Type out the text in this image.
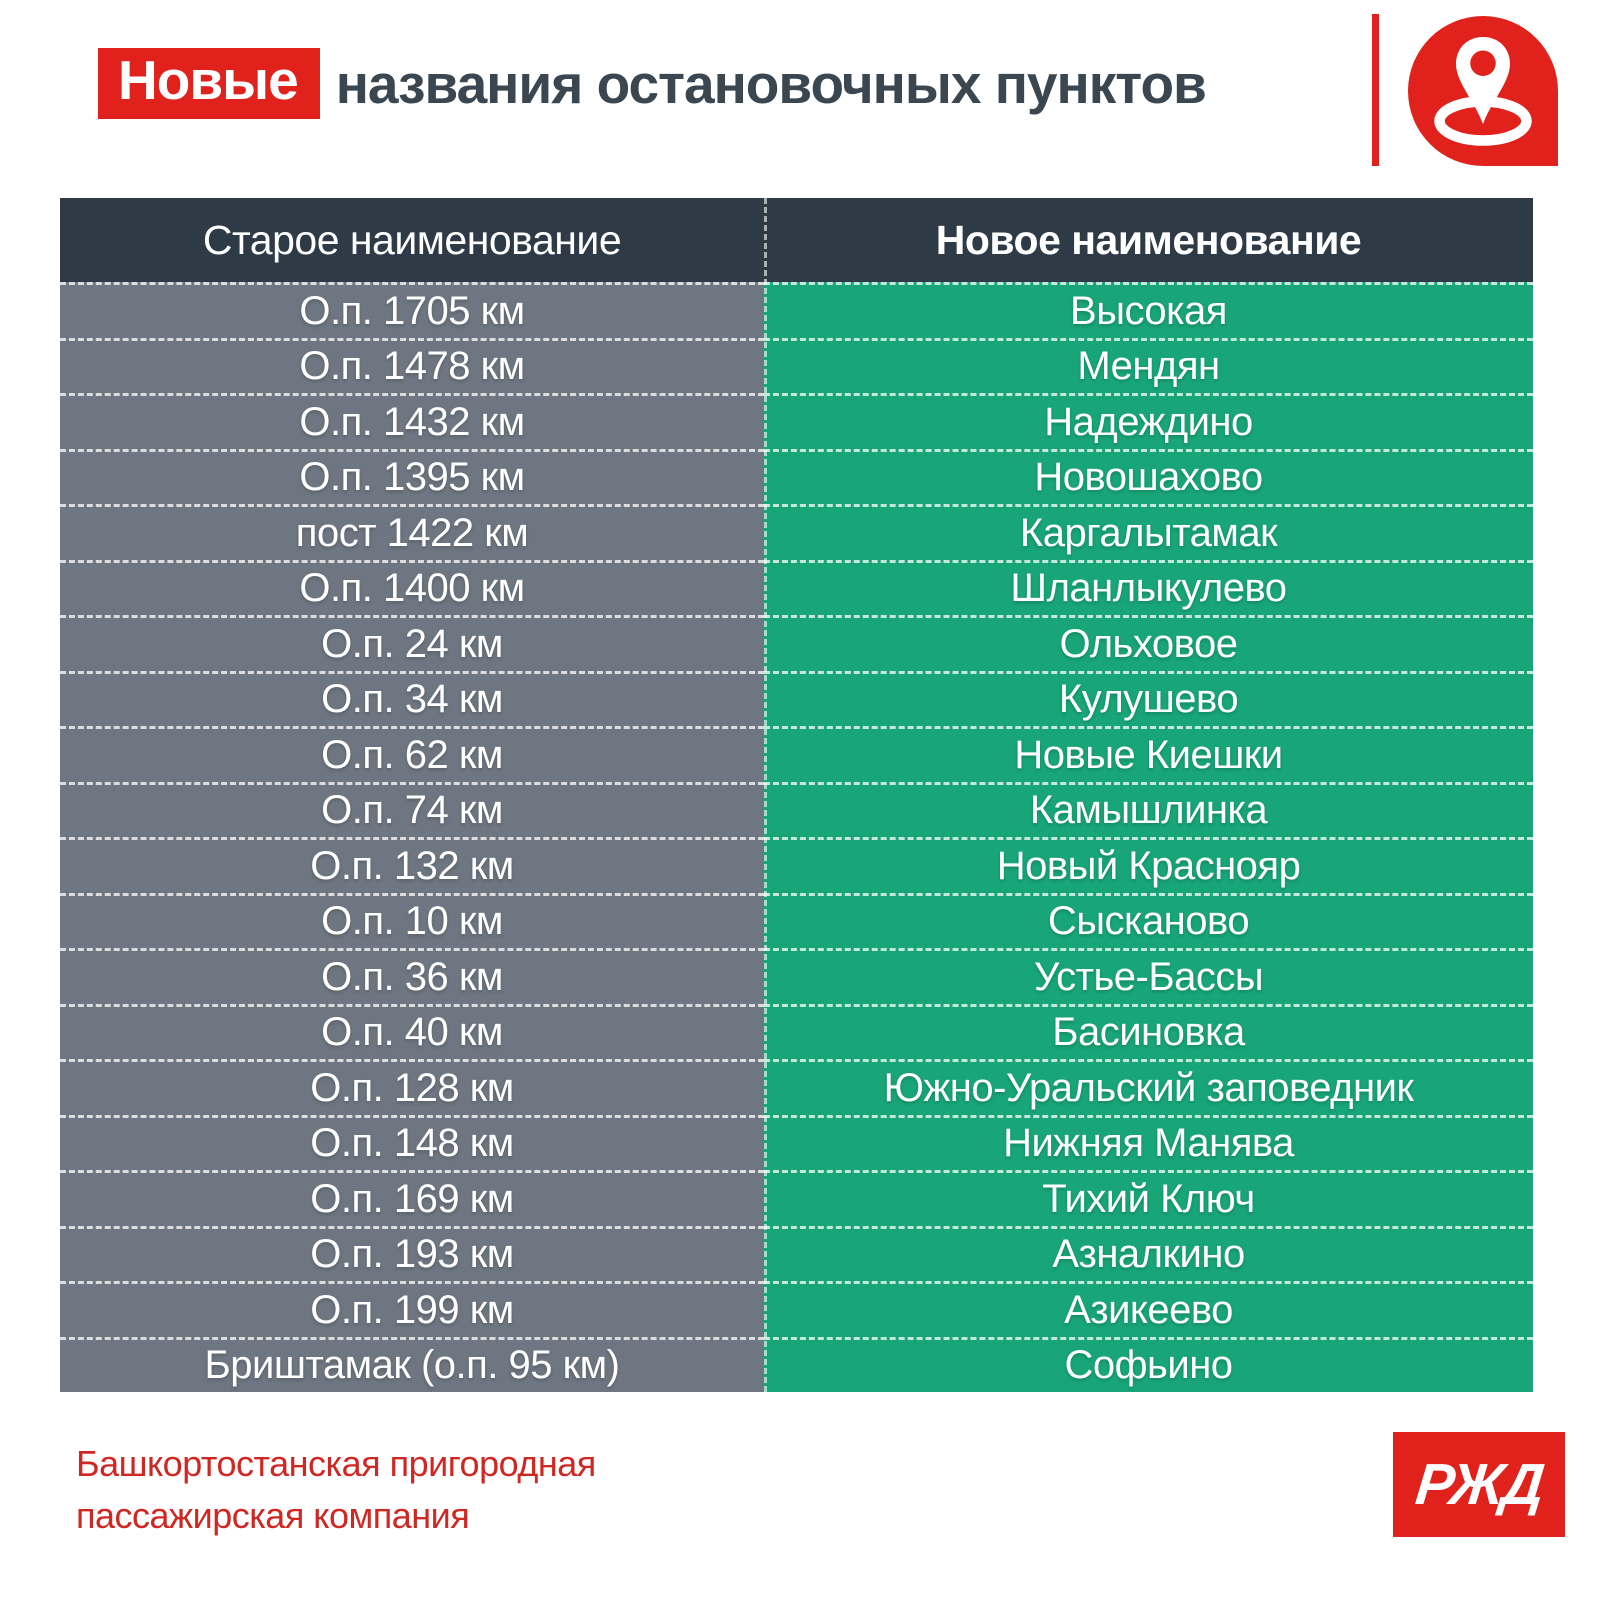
Новые названия остановочных пунктов
Старое наименование	Новое наименование
О.п. 1705 км	Высокая
О.п. 1478 км	Мендян
О.п. 1432 км	Надеждино
О.п. 1395 км	Новошахово
пост 1422 км	Каргалытамак
О.п. 1400 км	Шланлыкулево
О.п. 24 км	Ольховое
О.п. 34 км	Кулушево
О.п. 62 км	Новые Киешки
О.п. 74 км	Камышлинка
О.п. 132 км	Новый Краснояр
О.п. 10 км	Сысканово
О.п. 36 км	Устье-Бассы
О.п. 40 км	Басиновка
О.п. 128 км	Южно-Уральский заповедник
О.п. 148 км	Нижняя Манява
О.п. 169 км	Тихий Ключ
О.п. 193 км	Азналкино
О.п. 199 км	Азикеево
Бриштамак (о.п. 95 км)	Софьино
Башкортостанская пригородная
пассажирская компания	РЖД
